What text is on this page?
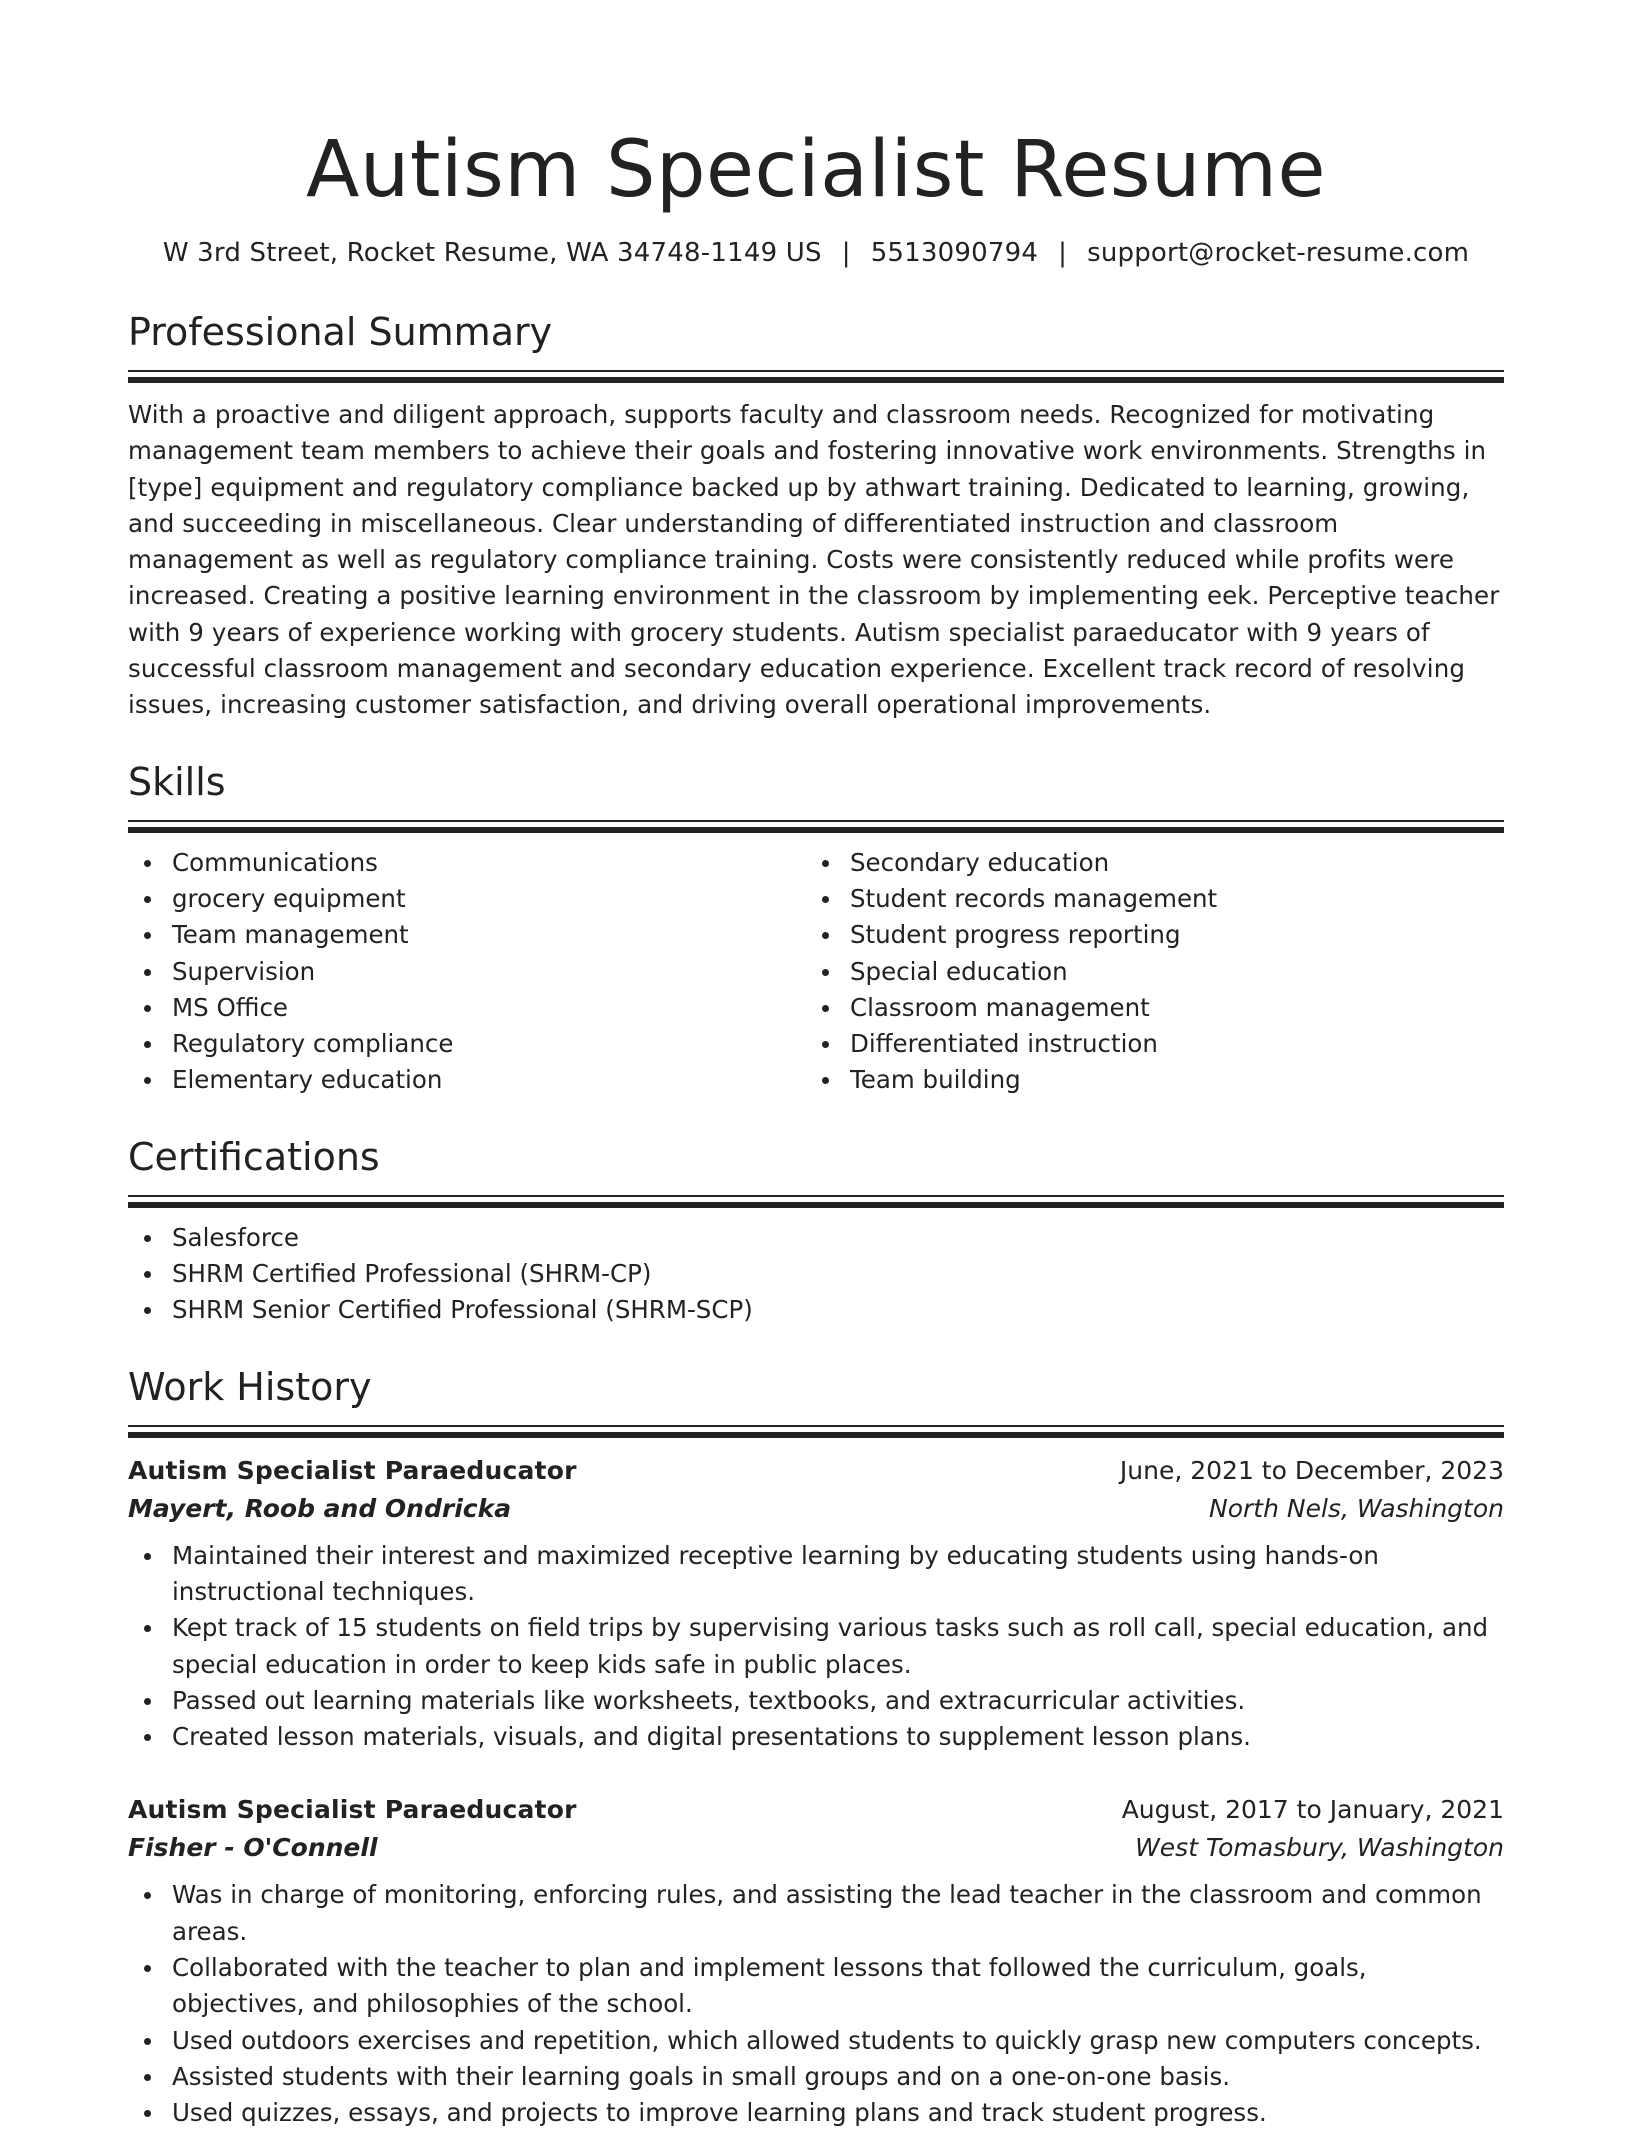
Autism Specialist Resume
W 3rd Street, Rocket Resume, WA 34748-1149 US | 5513090794 | support@rocket-resume.com
Professional Summary
With a proactive and diligent approach, supports faculty and classroom needs. Recognized for motivating management team members to achieve their goals and fostering innovative work environments. Strengths in [type] equipment and regulatory compliance backed up by athwart training. Dedicated to learning, growing, and succeeding in miscellaneous. Clear understanding of differentiated instruction and classroom management as well as regulatory compliance training. Costs were consistently reduced while profits were increased. Creating a positive learning environment in the classroom by implementing eek. Perceptive teacher with 9 years of experience working with grocery students. Autism specialist paraeducator with 9 years of successful classroom management and secondary education experience. Excellent track record of resolving issues, increasing customer satisfaction, and driving overall operational improvements.
Skills
Communications
grocery equipment
Team management
Supervision
MS Office
Regulatory compliance
Elementary education
Secondary education
Student records management
Student progress reporting
Special education
Classroom management
Differentiated instruction
Team building
Certifications
Salesforce
SHRM Certified Professional (SHRM-CP)
SHRM Senior Certified Professional (SHRM-SCP)
Work History
Autism Specialist Paraeducator	June, 2021 to December, 2023
Mayert, Roob and Ondricka	North Nels, Washington
Maintained their interest and maximized receptive learning by educating students using hands-on instructional techniques.
Kept track of 15 students on field trips by supervising various tasks such as roll call, special education, and special education in order to keep kids safe in public places.
Passed out learning materials like worksheets, textbooks, and extracurricular activities.
Created lesson materials, visuals, and digital presentations to supplement lesson plans.
Autism Specialist Paraeducator	August, 2017 to January, 2021
Fisher - O'Connell	West Tomasbury, Washington
Was in charge of monitoring, enforcing rules, and assisting the lead teacher in the classroom and common areas.
Collaborated with the teacher to plan and implement lessons that followed the curriculum, goals, objectives, and philosophies of the school.
Used outdoors exercises and repetition, which allowed students to quickly grasp new computers concepts.
Assisted students with their learning goals in small groups and on a one-on-one basis.
Used quizzes, essays, and projects to improve learning plans and track student progress.
